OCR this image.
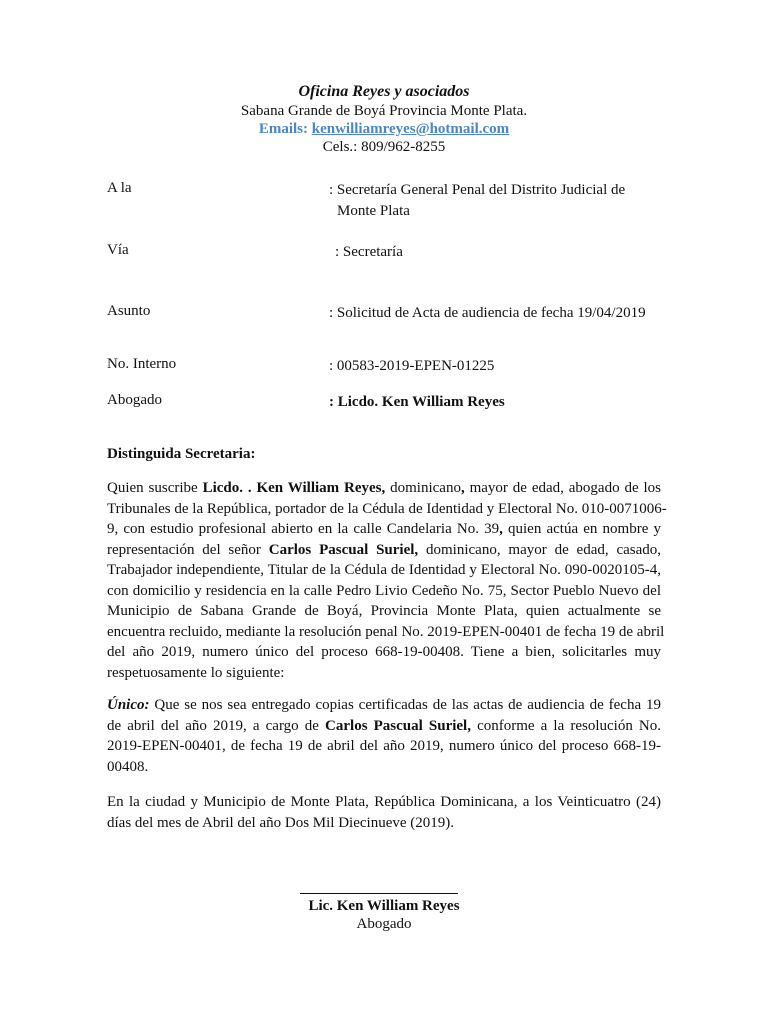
Oficina Reyes y asociados
Sabana Grande de Boyá Provincia Monte Plata.
Emails: kenwilliamreyes@hotmail.com
Cels.: 809/962-8255
A la	: Secretaría General Penal del Distrito Judicial de
Monte Plata
Vía	: Secretaría
Asunto	: Solicitud de Acta de audiencia de fecha 19/04/2019
No. Interno	: 00583-2019-EPEN-01225
Abogado	: Licdo. Ken William Reyes
Distinguida Secretaria:
Quien suscribe Licdo. . Ken William Reyes, dominicano, mayor de edad, abogado de los
Tribunales de la República, portador de la Cédula de Identidad y Electoral No. 010-0071006-
9, con estudio profesional abierto en la calle Candelaria No. 39, quien actúa en nombre y
representación del señor Carlos Pascual Suriel, dominicano, mayor de edad, casado,
Trabajador independiente, Titular de la Cédula de Identidad y Electoral No. 090-0020105-4,
con domicilio y residencia en la calle Pedro Livio Cedeño No. 75, Sector Pueblo Nuevo del
Municipio de Sabana Grande de Boyá, Provincia Monte Plata, quien actualmente se
encuentra recluido, mediante la resolución penal No. 2019-EPEN-00401 de fecha 19 de abril
del año 2019, numero único del proceso 668-19-00408. Tiene a bien, solicitarles muy
respetuosamente lo siguiente:
Único: Que se nos sea entregado copias certificadas de las actas de audiencia de fecha 19
de abril del año 2019, a cargo de Carlos Pascual Suriel, conforme a la resolución No.
2019-EPEN-00401, de fecha 19 de abril del año 2019, numero único del proceso 668-19-
00408.
En la ciudad y Municipio de Monte Plata, República Dominicana, a los Veinticuatro (24)
días del mes de Abril del año Dos Mil Diecinueve (2019).
Lic. Ken William Reyes
Abogado
